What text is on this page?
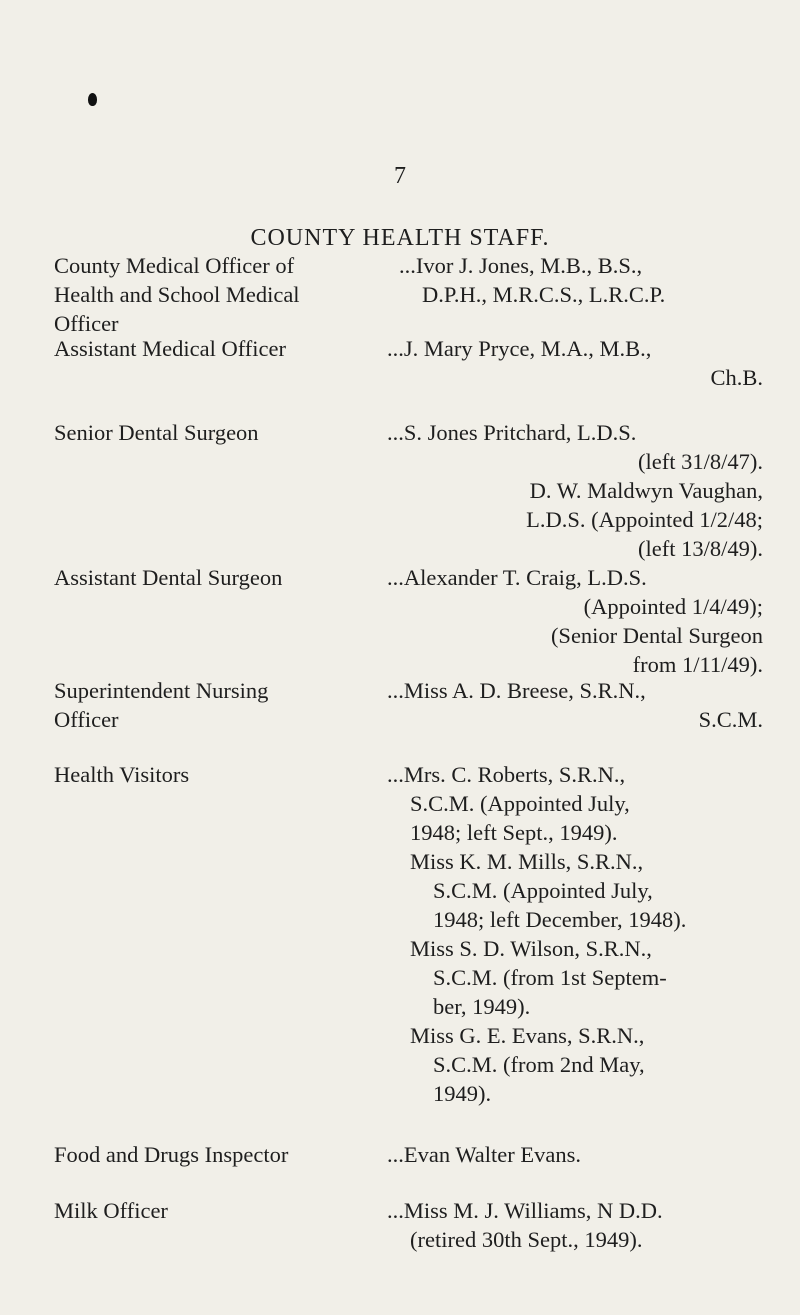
7
COUNTY HEALTH STAFF.
County Medical Officer of
Health and School Medical
Officer
...Ivor J. Jones, M.B., B.S.,
D.P.H., M.R.C.S., L.R.C.P.
Assistant Medical Officer	...J. Mary Pryce, M.A., M.B.,
Ch.B.
Senior Dental Surgeon	...S. Jones Pritchard, L.D.S.
(left 31/8/47).
D. W. Maldwyn Vaughan,
L.D.S. (Appointed 1/2/48;
(left 13/8/49).
Assistant Dental Surgeon	...Alexander T. Craig, L.D.S.
(Appointed 1/4/49);
(Senior Dental Surgeon
from 1/11/49).
Superintendent Nursing
Officer
...Miss A. D. Breese, S.R.N.,
S.C.M.
Health Visitors	...Mrs. C. Roberts, S.R.N.,
S.C.M. (Appointed July,
1948; left Sept., 1949).
Miss K. M. Mills, S.R.N.,
S.C.M. (Appointed July,
1948; left December, 1948).
Miss S. D. Wilson, S.R.N.,
S.C.M. (from 1st Septem-
ber, 1949).
Miss G. E. Evans, S.R.N.,
S.C.M. (from 2nd May,
1949).
Food and Drugs Inspector	...Evan Walter Evans.
Milk Officer	...Miss M. J. Williams, N D.D.
(retired 30th Sept., 1949).
